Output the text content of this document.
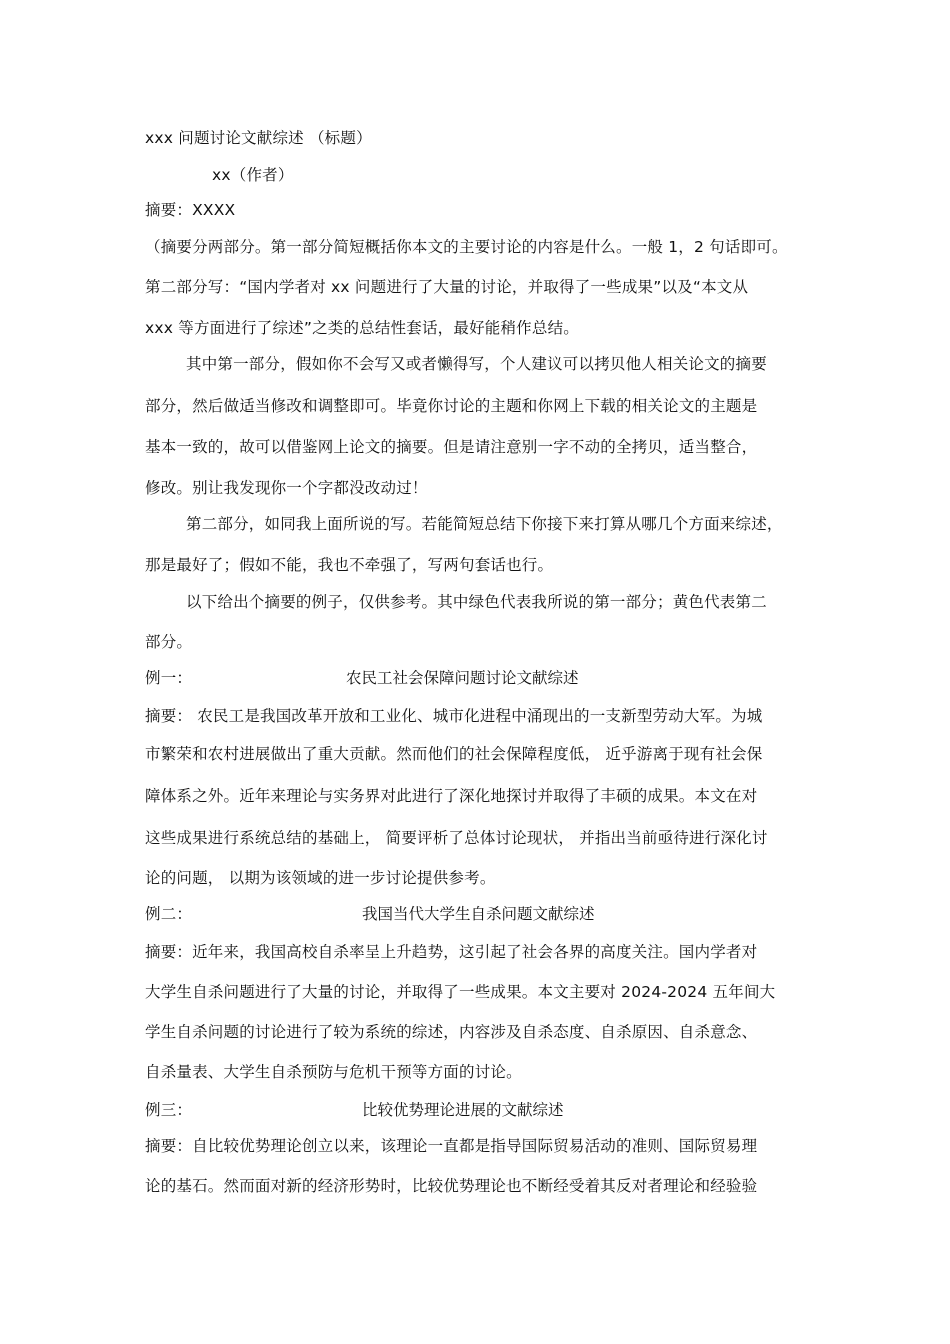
xxx 问题讨论文献综述 （标题）
xx（作者）
摘要：XXXX
（摘要分两部分。第一部分简短概括你本文的主要讨论的内容是什么。一般 1，2 句话即可。
第二部分写：“国内学者对 xx 问题进行了大量的讨论，并取得了一些成果”以及“本文从
xxx 等方面进行了综述”之类的总结性套话，最好能稍作总结。
其中第一部分，假如你不会写又或者懒得写，个人建议可以拷贝他人相关论文的摘要
部分，然后做适当修改和调整即可。毕竟你讨论的主题和你网上下载的相关论文的主题是
基本一致的，故可以借鉴网上论文的摘要。但是请注意别一字不动的全拷贝，适当整合，
修改。别让我发现你一个字都没改动过！
第二部分，如同我上面所说的写。若能简短总结下你接下来打算从哪几个方面来综述，
那是最好了；假如不能，我也不牵强了，写两句套话也行。
以下给出个摘要的例子，仅供参考。其中绿色代表我所说的第一部分；黄色代表第二
部分。
例一：	农民工社会保障问题讨论文献综述
摘要： 农民工是我国改革开放和工业化、城市化进程中涌现出的一支新型劳动大军。为城
市繁荣和农村进展做出了重大贡献。然而他们的社会保障程度低， 近乎游离于现有社会保
障体系之外。近年来理论与实务界对此进行了深化地探讨并取得了丰硕的成果。本文在对
这些成果进行系统总结的基础上， 简要评析了总体讨论现状， 并指出当前亟待进行深化讨
论的问题， 以期为该领域的进一步讨论提供参考。
例二：	我国当代大学生自杀问题文献综述
摘要：近年来，我国高校自杀率呈上升趋势，这引起了社会各界的高度关注。国内学者对
大学生自杀问题进行了大量的讨论，并取得了一些成果。本文主要对 2024-2024 五年间大
学生自杀问题的讨论进行了较为系统的综述，内容涉及自杀态度、自杀原因、自杀意念、
自杀量表、大学生自杀预防与危机干预等方面的讨论。
例三：	比较优势理论进展的文献综述
摘要：自比较优势理论创立以来，该理论一直都是指导国际贸易活动的准则、国际贸易理
论的基石。然而面对新的经济形势时，比较优势理论也不断经受着其反对者理论和经验验
